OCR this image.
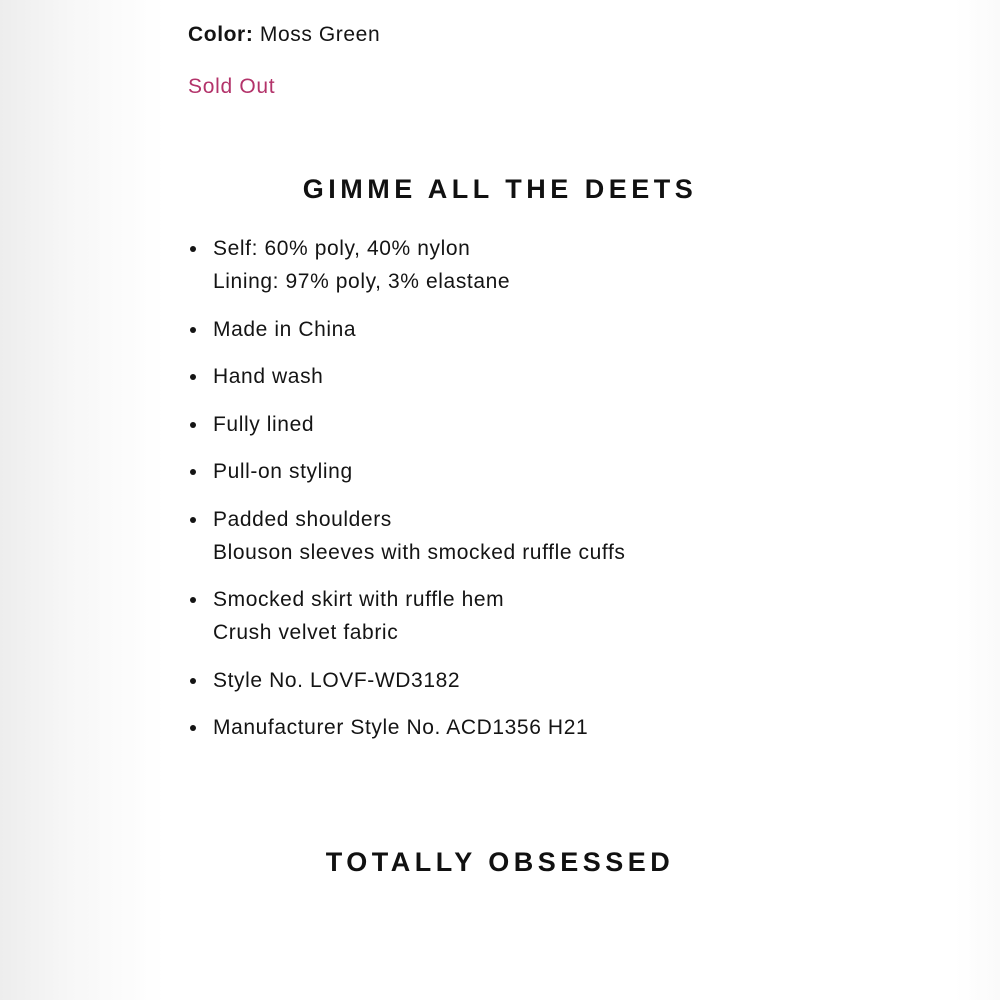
Color: Moss Green
Sold Out
GIMME ALL THE DEETS
Self: 60% poly, 40% nylon
Lining: 97% poly, 3% elastane
Made in China
Hand wash
Fully lined
Pull-on styling
Padded shoulders
Blouson sleeves with smocked ruffle cuffs
Smocked skirt with ruffle hem
Crush velvet fabric
Style No. LOVF-WD3182
Manufacturer Style No. ACD1356 H21
TOTALLY OBSESSED
